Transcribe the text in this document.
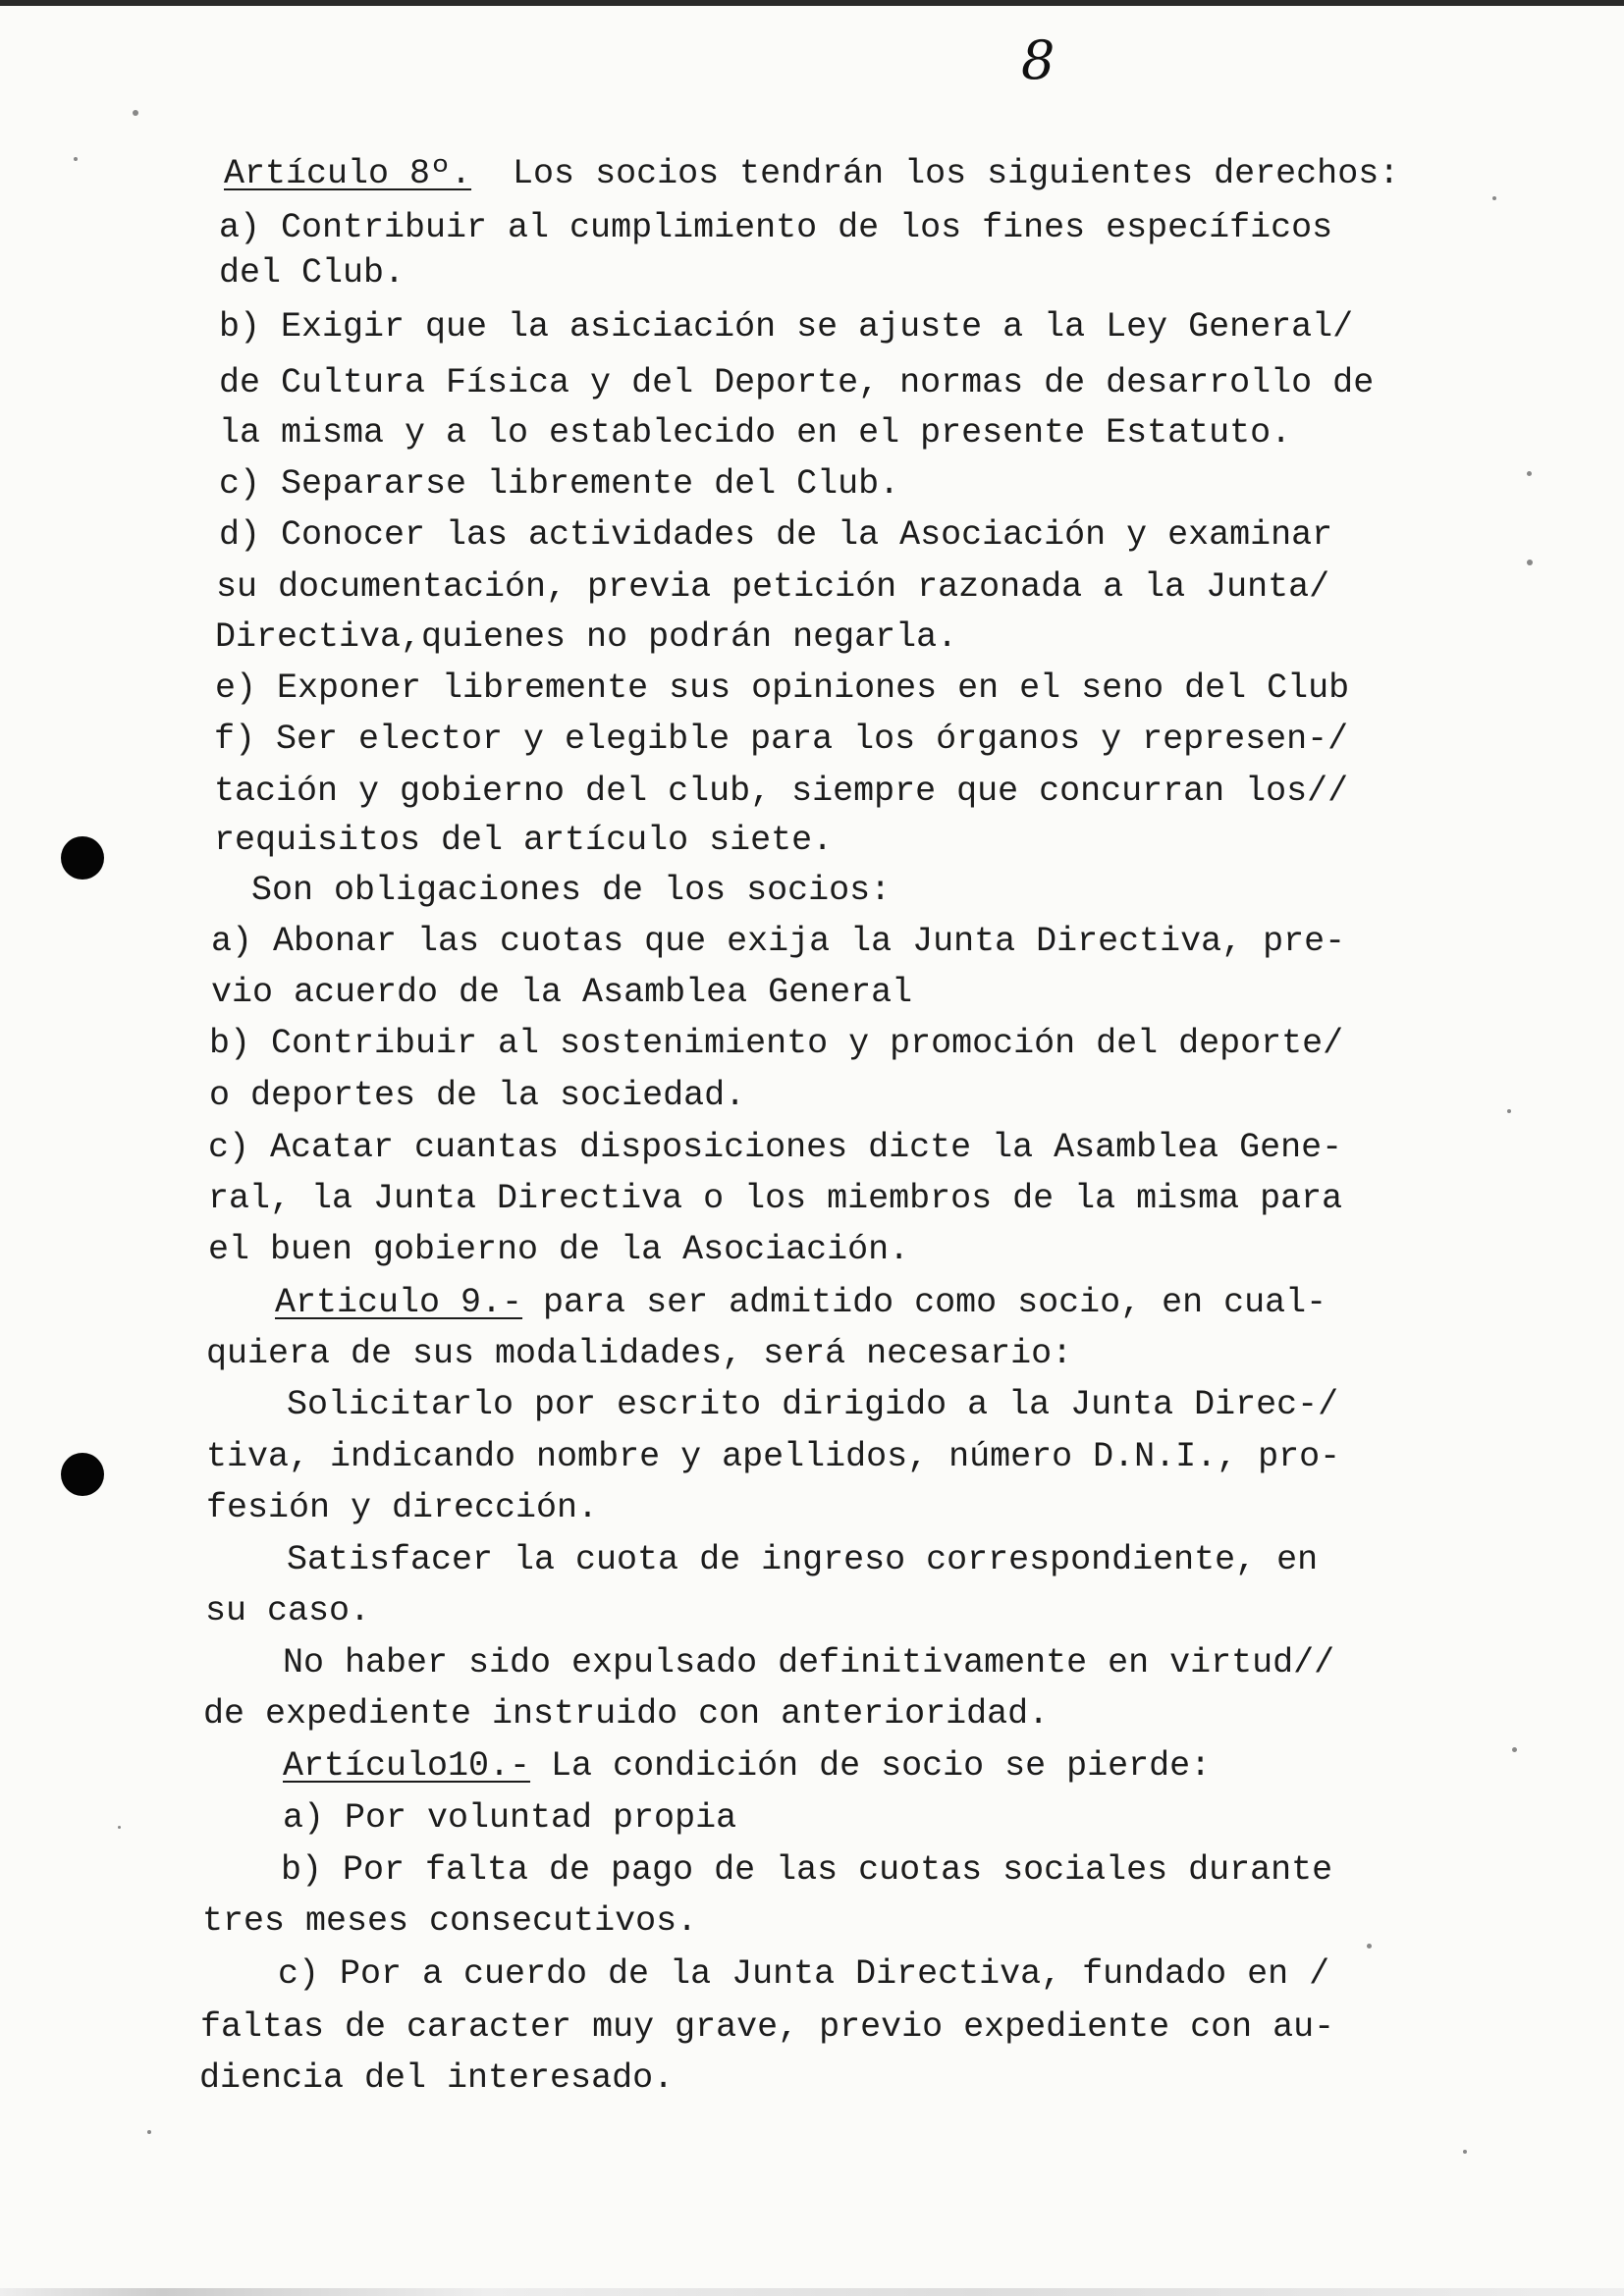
8
Artículo 8º.  Los socios tendrán los siguientes derechos:
a) Contribuir al cumplimiento de los fines específicos
del Club.
b) Exigir que la asiciación se ajuste a la Ley General/
de Cultura Física y del Deporte, normas de desarrollo de
la misma y a lo establecido en el presente Estatuto.
c) Separarse libremente del Club.
d) Conocer las actividades de la Asociación y examinar
su documentación, previa petición razonada a la Junta/
Directiva,quienes no podrán negarla.
e) Exponer libremente sus opiniones en el seno del Club
f) Ser elector y elegible para los órganos y represen-/
tación y gobierno del club, siempre que concurran los//
requisitos del artículo siete.
Son obligaciones de los socios:
a) Abonar las cuotas que exija la Junta Directiva, pre-
vio acuerdo de la Asamblea General
b) Contribuir al sostenimiento y promoción del deporte/
o deportes de la sociedad.
c) Acatar cuantas disposiciones dicte la Asamblea Gene-
ral, la Junta Directiva o los miembros de la misma para
el buen gobierno de la Asociación.
Articulo 9.- para ser admitido como socio, en cual-
quiera de sus modalidades, será necesario:
Solicitarlo por escrito dirigido a la Junta Direc-/
tiva, indicando nombre y apellidos, número D.N.I., pro-
fesión y dirección.
Satisfacer la cuota de ingreso correspondiente, en
su caso.
No haber sido expulsado definitivamente en virtud//
de expediente instruido con anterioridad.
Artículo10.- La condición de socio se pierde:
a) Por voluntad propia
b) Por falta de pago de las cuotas sociales durante
tres meses consecutivos.
c) Por a cuerdo de la Junta Directiva, fundado en /
faltas de caracter muy grave, previo expediente con au-
diencia del interesado.
